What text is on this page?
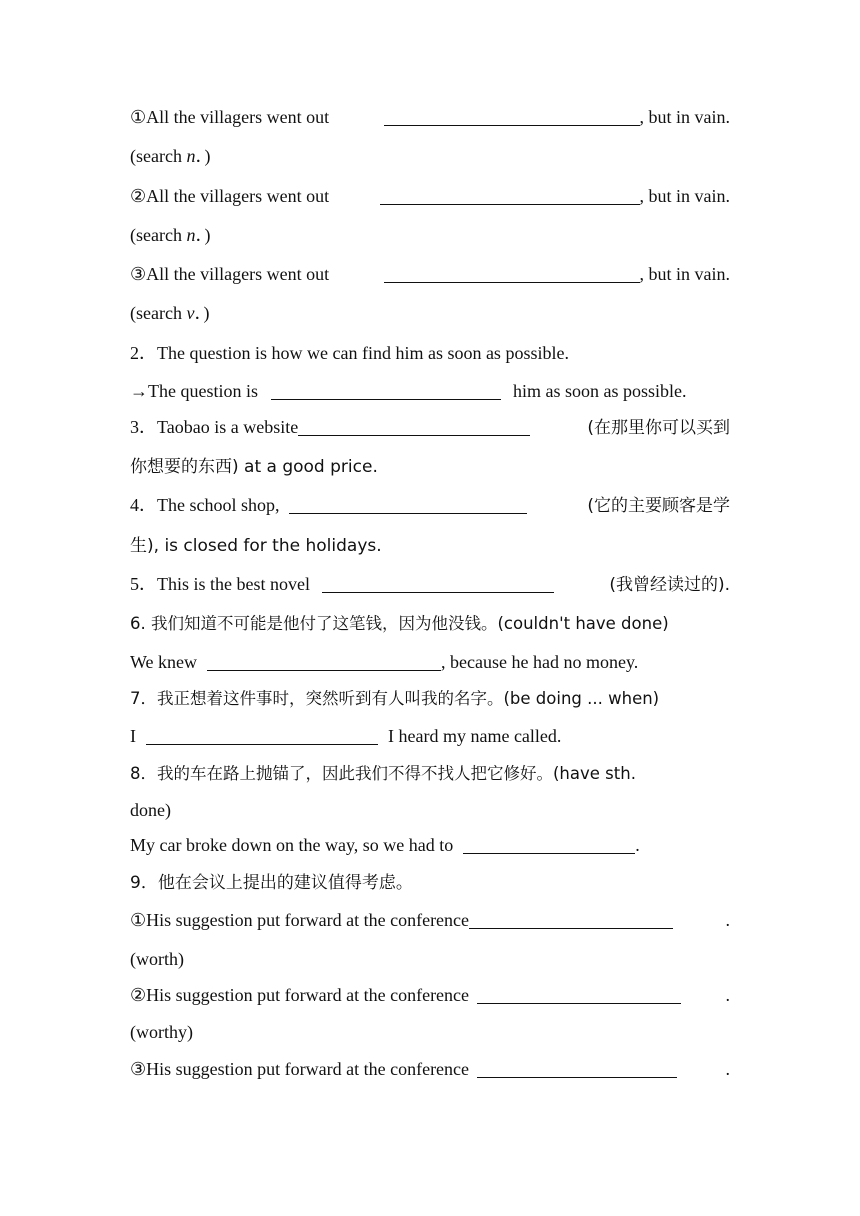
①All the villagers went out	, but in vain.
(search n．)
②All the villagers went out	, but in vain.
(search n．)
③All the villagers went out	, but in vain.
(search v．)
2．The question is how we can find him as soon as possible.
→The question is	him as soon as possible.
3．Taobao is a website	(在那里你可以买到
你想要的东西) at a good price.
4．The school shop,	(它的主要顾客是学
生), is closed for the holidays.
5．This is the best novel	(我曾经读过的).
6. 我们知道不可能是他付了这笔钱，因为他没钱。(couldn't have done)
We knew	, because he had no money.
7．我正想着这件事时，突然听到有人叫我的名字。(be doing ... when)
I	I heard my name called.
8．我的车在路上抛锚了，因此我们不得不找人把它修好。(have sth.
done)
My car broke down on the way, so we had to	.
9．他在会议上提出的建议值得考虑。
①His suggestion put forward at the conference	.
(worth)
②His suggestion put forward at the conference	.
(worthy)
③His suggestion put forward at the conference	.
